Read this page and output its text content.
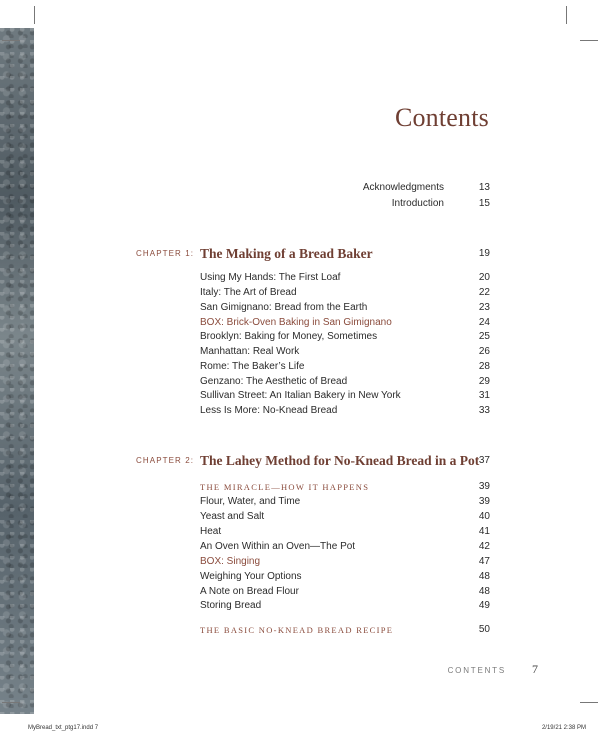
Contents
Acknowledgments	13
Introduction	15
CHAPTER 1: The Making of a Bread Baker	19
Using My Hands: The First Loaf	20
Italy: The Art of Bread	22
San Gimignano: Bread from the Earth	23
BOX: Brick-Oven Baking in San Gimignano	24
Brooklyn: Baking for Money, Sometimes	25
Manhattan: Real Work	26
Rome: The Baker’s Life	28
Genzano: The Aesthetic of Bread	29
Sullivan Street: An Italian Bakery in New York	31
Less Is More: No-Knead Bread	33
CHAPTER 2: The Lahey Method for No-Knead Bread in a Pot 37
THE MIRACLE—HOW IT HAPPENS	39
Flour, Water, and Time	39
Yeast and Salt	40
Heat	41
An Oven Within an Oven—The Pot	42
BOX: Singing	47
Weighing Your Options	48
A Note on Bread Flour	48
Storing Bread	49
THE BASIC NO-KNEAD BREAD RECIPE	50
CONTENTS 7
MyBread_txt_ptg17.indd 7	2/19/21 2:38 PM
